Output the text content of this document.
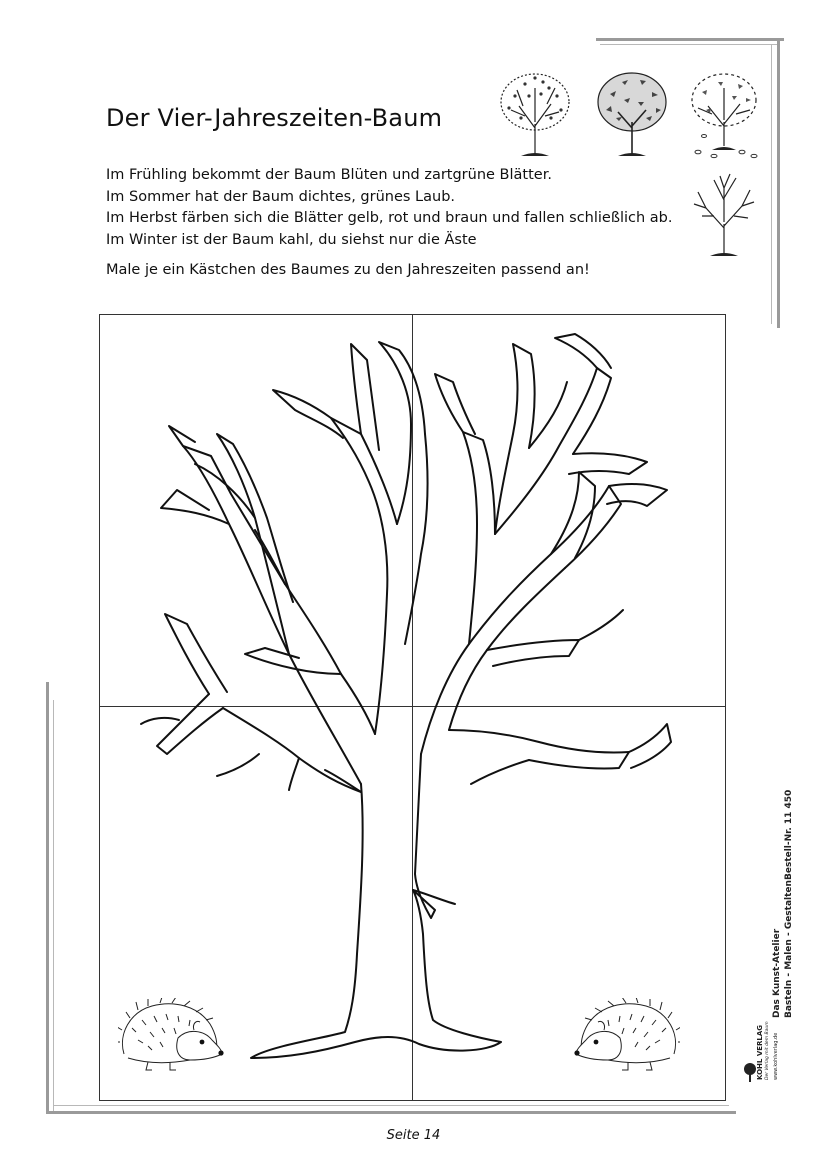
Der Vier-Jahreszeiten-Baum
Im Frühling bekommt der Baum Blüten und zartgrüne Blätter.
Im Sommer hat der Baum dichtes, grünes Laub.
Im Herbst färben sich die Blätter gelb, rot und braun und fallen schließlich ab.
Im Winter ist der Baum kahl, du siehst nur die Äste
Male je ein Kästchen des Baumes zu den Jahreszeiten passend an!
Das Kunst-Atelier Basteln - Malen - Gestalten
Bestell-Nr. 11 450
KOHL VERLAG Der Verlag mit dem Baum www.kohlverlag.de
Seite 14
